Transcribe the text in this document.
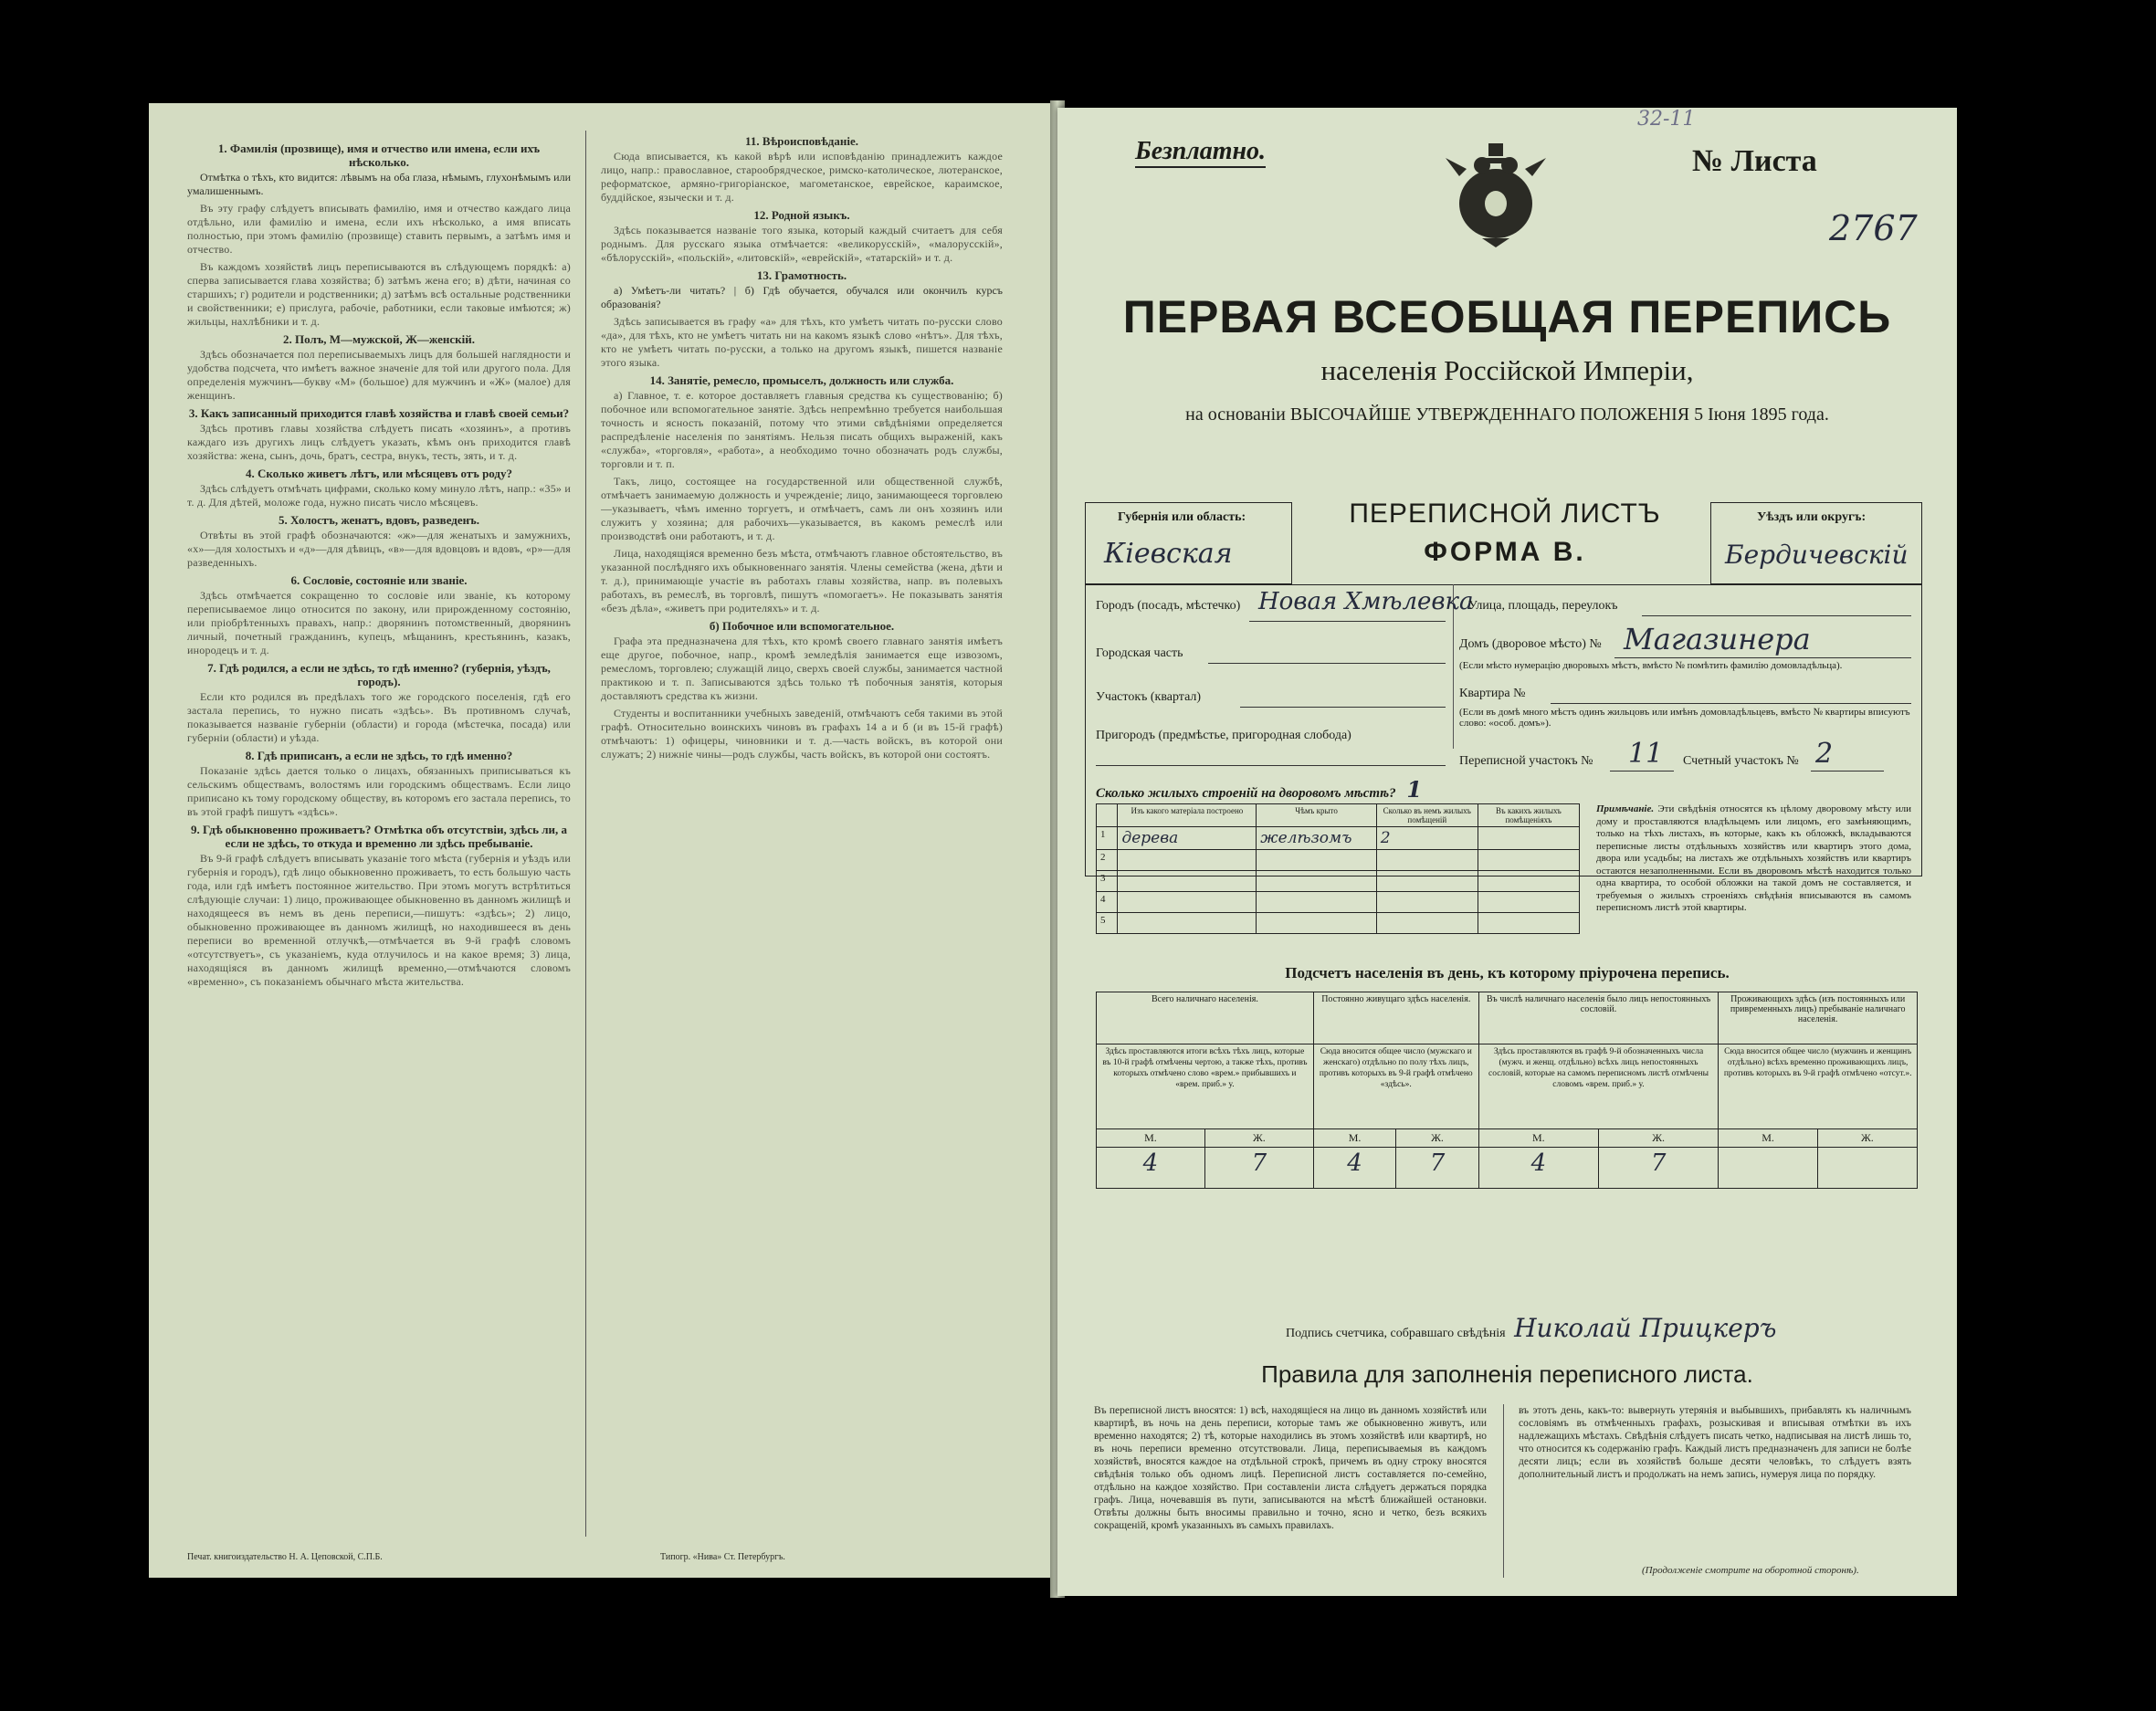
1. Фамилія (прозвище), имя и отчество или имена, если ихъ нѣсколько.

Отмѣтка о тѣхъ, кто видится: лѣвымъ на оба глаза, нѣмымъ, глухонѣмымъ или умалишеннымъ.

Въ эту графу слѣдуетъ вписывать фамилію, имя и отчество каждаго лица отдѣльно, или фамилію и имена, если ихъ нѣсколько, а имя вписать полностью, при этомъ фамилію (прозвище) ставить первымъ, а затѣмъ имя и отчество.

Въ каждомъ хозяйствѣ лицъ переписываются въ слѣдующемъ порядкѣ: а) сперва записывается глава хозяйства; б) затѣмъ жена его; в) дѣти, начиная со старшихъ; г) родители и родственники; д) затѣмъ всѣ остальные родственники и свойственники; е) прислуга, рабочіе, работники, если таковые имѣются; ж) жильцы, нахлѣбники и т. д.

2. Полъ, М—мужской, Ж—женскій.

Здѣсь обозначается пол переписываемыхъ лицъ для большей наглядности и удобства подсчета, что имѣетъ важное значеніе для той или другого пола. Для определенія мужчинъ—букву «М» (большое) для мужчинъ и «Ж» (малое) для женщинъ.

3. Какъ записанный приходится главѣ хозяйства и главѣ своей семьи?

Здѣсь противъ главы хозяйства слѣдуетъ писать «хозяинъ», а противъ каждаго изъ другихъ лицъ слѣдуетъ указать, кѣмъ онъ приходится главѣ хозяйства: жена, сынъ, дочь, братъ, сестра, внукъ, тесть, зять, и т. д.

4. Сколько живетъ лѣтъ, или мѣсяцевъ отъ роду?

Здѣсь слѣдуетъ отмѣчать цифрами, сколько кому минуло лѣтъ, напр.: «35» и т. д. Для дѣтей, моложе года, нужно писать число мѣсяцевъ.

5. Холостъ, женатъ, вдовъ, разведенъ.

Отвѣты въ этой графѣ обозначаются: «ж»—для женатыхъ и замужнихъ, «х»—для холостыхъ и «д»—для дѣвицъ, «в»—для вдовцовъ и вдовъ, «р»—для разведенныхъ.

6. Сословіе, состояніе или званіе.

Здѣсь отмѣчается сокращенно то сословіе или званіе, къ которому переписываемое лицо относится по закону, или прирожденному состоянію, или пріобрѣтенныхъ правахъ, напр.: дворянинъ потомственный, дворянинъ личный, почетный гражданинъ, купецъ, мѣщанинъ, крестьянинъ, казакъ, инородецъ и т. д.

7. Гдѣ родился, а если не здѣсь, то гдѣ именно? (губернія, уѣздъ, городъ).

Если кто родился въ предѣлахъ того же городского поселенія, гдѣ его застала перепись, то нужно писать «здѣсь». Въ противномъ случаѣ, показывается названіе губерніи (области) и города (мѣстечка, посада) или губерніи (области) и уѣзда.

8. Гдѣ приписанъ, а если не здѣсь, то гдѣ именно?

Показаніе здѣсь дается только о лицахъ, обязанныхъ приписываться къ сельскимъ обществамъ, волостямъ или городскимъ обществамъ. Если лицо приписано къ тому городскому обществу, въ которомъ его застала перепись, то въ этой графѣ пишутъ «здѣсь».

9. Гдѣ обыкновенно проживаетъ? Отмѣтка объ отсутствіи, здѣсь ли, а если не здѣсь, то откуда и временно ли здѣсь пребываніе.

Въ 9-й графѣ слѣдуетъ вписывать указаніе того мѣста (губернія и уѣздъ или губернія и городъ), гдѣ лицо обыкновенно проживаетъ, то есть большую часть года, или гдѣ имѣетъ постоянное жительство. При этомъ могутъ встрѣтиться слѣдующіе случаи: 1) лицо, проживающее обыкновенно въ данномъ жилищѣ и находящееся въ немъ въ день переписи,—пишутъ: «здѣсь»; 2) лицо, обыкновенно проживающее въ данномъ жилищѣ, но находившееся въ день переписи во временной отлучкѣ,—отмѣчается въ 9-й графѣ словомъ «отсутствуетъ», съ указаніемъ, куда отлучилось и на какое время; 3) лица, находящіяся въ данномъ жилищѣ временно,—отмѣчаются словомъ «временно», съ показаніемъ обычнаго мѣста жительства.

11. Вѣроисповѣданіе.

Сюда вписывается, къ какой вѣрѣ или исповѣданію принадлежитъ каждое лицо, напр.: православное, старообрядческое, римско-католическое, лютеранское, реформатское, армяно-григоріанское, магометанское, еврейское, караимское, буддійское, язычески и т. д.

12. Родной языкъ.

Здѣсь показывается названіе того языка, который каждый считаетъ для себя роднымъ. Для русскаго языка отмѣчается: «великорусскій», «малорусскій», «бѣлорусскій», «польскій», «литовскій», «еврейскій», «татарскій» и т. д.

13. Грамотность.

а) Умѣетъ-ли читать? | б) Гдѣ обучается, обучался или окончилъ курсъ образованія?

Здѣсь записывается въ графу «а» для тѣхъ, кто умѣетъ читать по-русски слово «да», для тѣхъ, кто не умѣетъ читать ни на какомъ языкѣ слово «нѣтъ». Для тѣхъ, кто не умѣетъ читать по-русски, а только на другомъ языкѣ, пишется названіе этого языка.

14. Занятіе, ремесло, промыселъ, должность или служба.

а) Главное, т. е. которое доставляетъ главныя средства къ существованію; б) побочное или вспомогательное занятіе. Здѣсь непремѣнно требуется наибольшая точность и ясность показаній, потому что этими свѣдѣніями определяется распредѣленіе населенія по занятіямъ. Нельзя писать общихъ выраженій, какъ «служба», «торговля», «работа», а необходимо точно обозначать родъ службы, торговли и т. п.

Такъ, лицо, состоящее на государственной или общественной службѣ, отмѣчаетъ занимаемую должность и учрежденіе; лицо, занимающееся торговлею—указываетъ, чѣмъ именно торгуетъ, и отмѣчаетъ, самъ ли онъ хозяинъ или служитъ у хозяина; для рабочихъ—указывается, въ какомъ ремеслѣ или производствѣ они работаютъ, и т. д.

Лица, находящіяся временно безъ мѣста, отмѣчаютъ главное обстоятельство, въ указанной послѣдняго ихъ обыкновеннаго занятія. Члены семейства (жена, дѣти и т. д.), принимающіе участіе въ работахъ главы хозяйства, напр. въ полевыхъ работахъ, въ ремеслѣ, въ торговлѣ, пишутъ «помогаетъ». Не показывать занятія «безъ дѣла», «живетъ при родителяхъ» и т. д.

б) Побочное или вспомогательное.

Графа эта предназначена для тѣхъ, кто кромѣ своего главнаго занятія имѣетъ еще другое, побочное, напр., кромѣ земледѣлія занимается еще извозомъ, ремесломъ, торговлею; служащій лицо, сверхъ своей службы, занимается частной практикою и т. п. Записываются здѣсь только тѣ побочныя занятія, которыя доставляютъ средства къ жизни.

Студенты и воспитанники учебныхъ заведеній, отмѣчаютъ себя такими въ этой графѣ. Относительно воинскихъ чиновъ въ графахъ 14 а и б (и въ 15-й графѣ) отмѣчаютъ: 1) офицеры, чиновники и т. д.—часть войскъ, въ которой они служатъ; 2) нижніе чины—родъ службы, часть войскъ, въ которой они состоятъ.

Печат. книгоиздательство Н. А. Цеповской, С.П.Б.	Типогр. «Нива» Ст. Петербургъ.
Безплатно.	№ Листа
32-11
2767
ПЕРВАЯ ВСЕОБЩАЯ ПЕРЕПИСЬ
населенія Россійской Имперіи,
на основаніи ВЫСОЧАЙШЕ УТВЕРЖДЕННАГО ПОЛОЖЕНІЯ 5 Іюня 1895 года.
Губернія или область:
Кіевская
ПЕРЕПИСНОЙ ЛИСТЪ
ФОРМА В.
Уѣздъ или округъ:
Бердичевскій
Городъ (посадъ, мѣстечко) Новая Хмѣлевка
Городская часть
Участокъ (квартал)
Пригородъ (предмѣстье, пригородная слобода)
Улица, площадь, переулокъ
Домъ (дворовое мѣсто) № Магазинера
(Если мѣсто нумерацію дворовыхъ мѣстъ, вмѣсто № помѣтить фамилію домовладѣльца).
Квартира №
(Если въ домѣ много мѣстъ одинъ жильцовъ или имѣнъ домовладѣльцевъ, вмѣсто № квартиры вписуютъ слово: «особ. домъ»).
Переписной участокъ № 11 Счетный участокъ № 2
Сколько жилыхъ строеній на дворовомъ мѣстѣ? 1
	Изъ какого матеріала построено	Чѣмъ крыто	Сколько въ немъ жилыхъ помѣщеній	Въ какихъ жилыхъ помѣщеніяхъ
1	дерева	желѣзомъ	2	
2				
3				
4				
5				
Примѣчаніе. Эти свѣдѣнія относятся къ цѣлому дворовому мѣсту или дому и проставляются владѣльцемъ или лицомъ, его замѣняющимъ, только на тѣхъ листахъ, въ которые, какъ къ обложкѣ, вкладываются переписные листы отдѣльныхъ хозяйствъ или квартиръ этого дома, двора или усадьбы; на листахъ же отдѣльныхъ хозяйствъ или квартиръ остаются незаполненными. Если въ дворовомъ мѣстѣ находится только одна квартира, то особой обложки на такой домъ не составляется, и требуемыя о жилыхъ строеніяхъ свѣдѣнія вписываются въ самомъ переписномъ листѣ этой квартиры.
Подсчетъ населенія въ день, къ которому пріурочена перепись.
Всего наличнаго населенія.		Постоянно живущаго здѣсь населенія.		Въ числѣ наличнаго населенія было лицъ непостоянныхъ сословій.		Проживающихъ здѣсь (изъ постоянныхъ или привременныхъ лицъ) пребываніе наличнаго населенія.	
Здѣсь проставляются итоги всѣхъ тѣхъ лицъ, которые въ 10-й графѣ отмѣчены чертою, а также тѣхъ, противъ которыхъ отмѣчено слово «врем.» прибывшихъ и «врем. приб.» у.		Сюда вносится общее число (мужскаго и женскаго) отдѣльно по полу тѣхъ лицъ, противъ которыхъ въ 9-й графѣ отмѣчено «здѣсь».		Здѣсь проставляются въ графѣ 9-й обозначенныхъ числа (мужч. и женщ. отдѣльно) всѣхъ лицъ непостоянныхъ сословій, которые на самомъ переписномъ листѣ отмѣчены словомъ «врем. приб.» у.		Сюда вносится общее число (мужчинъ и женщинъ отдѣльно) всѣхъ временно проживающихъ лицъ, противъ которыхъ въ 9-й графѣ отмѣчено «отсут.».	
М.	Ж.	М.	Ж.	М.	Ж.	М.	Ж.
4	7	4	7	4	7		
Подпись счетчика, собравшаго свѣдѣнія Николай Прицкеръ
Правила для заполненія переписного листа.
Въ переписной листъ вносятся: 1) всѣ, находящіеся на лицо въ данномъ хозяйствѣ или квартирѣ, въ ночь на день переписи, которые тамъ же обыкновенно живутъ, или временно находятся; 2) тѣ, которые находились въ этомъ хозяйствѣ или квартирѣ, но въ ночь переписи временно отсутствовали. Лица, переписываемыя въ каждомъ хозяйствѣ, вносятся каждое на отдѣльной строкѣ, причемъ въ одну строку вносятся свѣдѣнія только объ одномъ лицѣ. Переписной листъ составляется по-семейно, отдѣльно на каждое хозяйство. При составленіи листа слѣдуетъ держаться порядка графъ. Лица, ночевавшія въ пути, записываются на мѣстѣ ближайшей остановки. Отвѣты должны быть вносимы правильно и точно, ясно и четко, безъ всякихъ сокращеній, кромѣ указанныхъ въ самыхъ правилахъ.
въ этотъ день, какъ-то: вывернуть утерянія и выбывшихъ, прибавлять къ наличнымъ сословіямъ въ отмѣченныхъ графахъ, розыскивая и вписывая отмѣтки въ ихъ надлежащихъ мѣстахъ. Свѣдѣнія слѣдуетъ писать четко, надписывая на листѣ лишь то, что относится къ содержанію графъ. Каждый листъ предназначенъ для записи не болѣе десяти лицъ; если въ хозяйствѣ больше десяти человѣкъ, то слѣдуетъ взять дополнительный листъ и продолжать на немъ запись, нумеруя лица по порядку.
(Продолженіе смотрите на оборотной сторонѣ).
